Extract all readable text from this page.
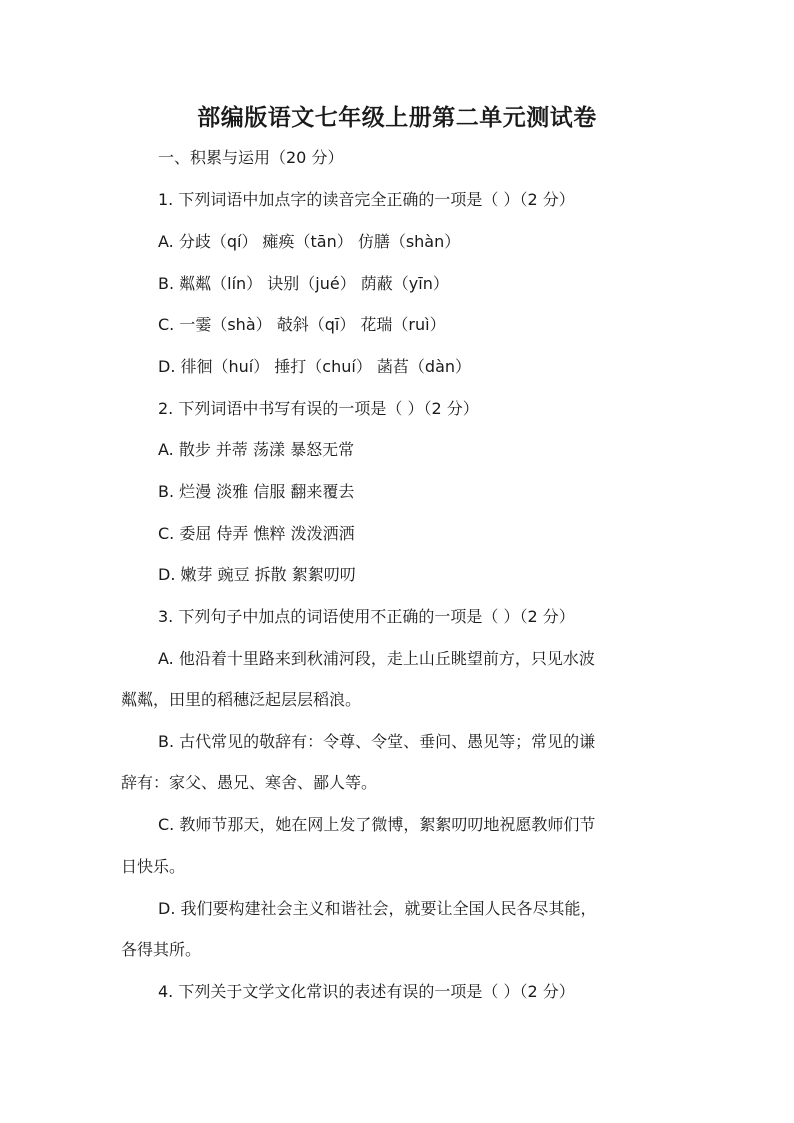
部编版语文七年级上册第二单元测试卷

一、积累与运用（20 分）

1. 下列词语中加点字的读音完全正确的一项是（ ）（2 分）

A. 分歧（qí） 瘫痪（tān） 仿膳（shàn）

B. 粼粼（lín） 诀别（jué） 荫蔽（yīn）

C. 一霎（shà） 攲斜（qī） 花瑞（ruì）

D. 徘徊（huí） 捶打（chuí） 菡萏（dàn）

2. 下列词语中书写有误的一项是（ ）（2 分）

A. 散步 并蒂 荡漾 暴怒无常

B. 烂漫 淡雅 信服 翻来覆去

C. 委屈 侍弄 憔粹 泼泼洒洒

D. 嫩芽 豌豆 拆散 絮絮叨叨

3. 下列句子中加点的词语使用不正确的一项是（ ）（2 分）

A. 他沿着十里路来到秋浦河段，走上山丘眺望前方，只见水波

粼粼，田里的稻穗泛起层层稻浪。

B. 古代常见的敬辞有：令尊、令堂、垂问、愚见等；常见的谦

辞有：家父、愚兄、寒舍、鄙人等。

C. 教师节那天，她在网上发了微博，絮絮叨叨地祝愿教师们节

日快乐。

D. 我们要构建社会主义和谐社会，就要让全国人民各尽其能，

各得其所。

4. 下列关于文学文化常识的表述有误的一项是（ ）（2 分）
